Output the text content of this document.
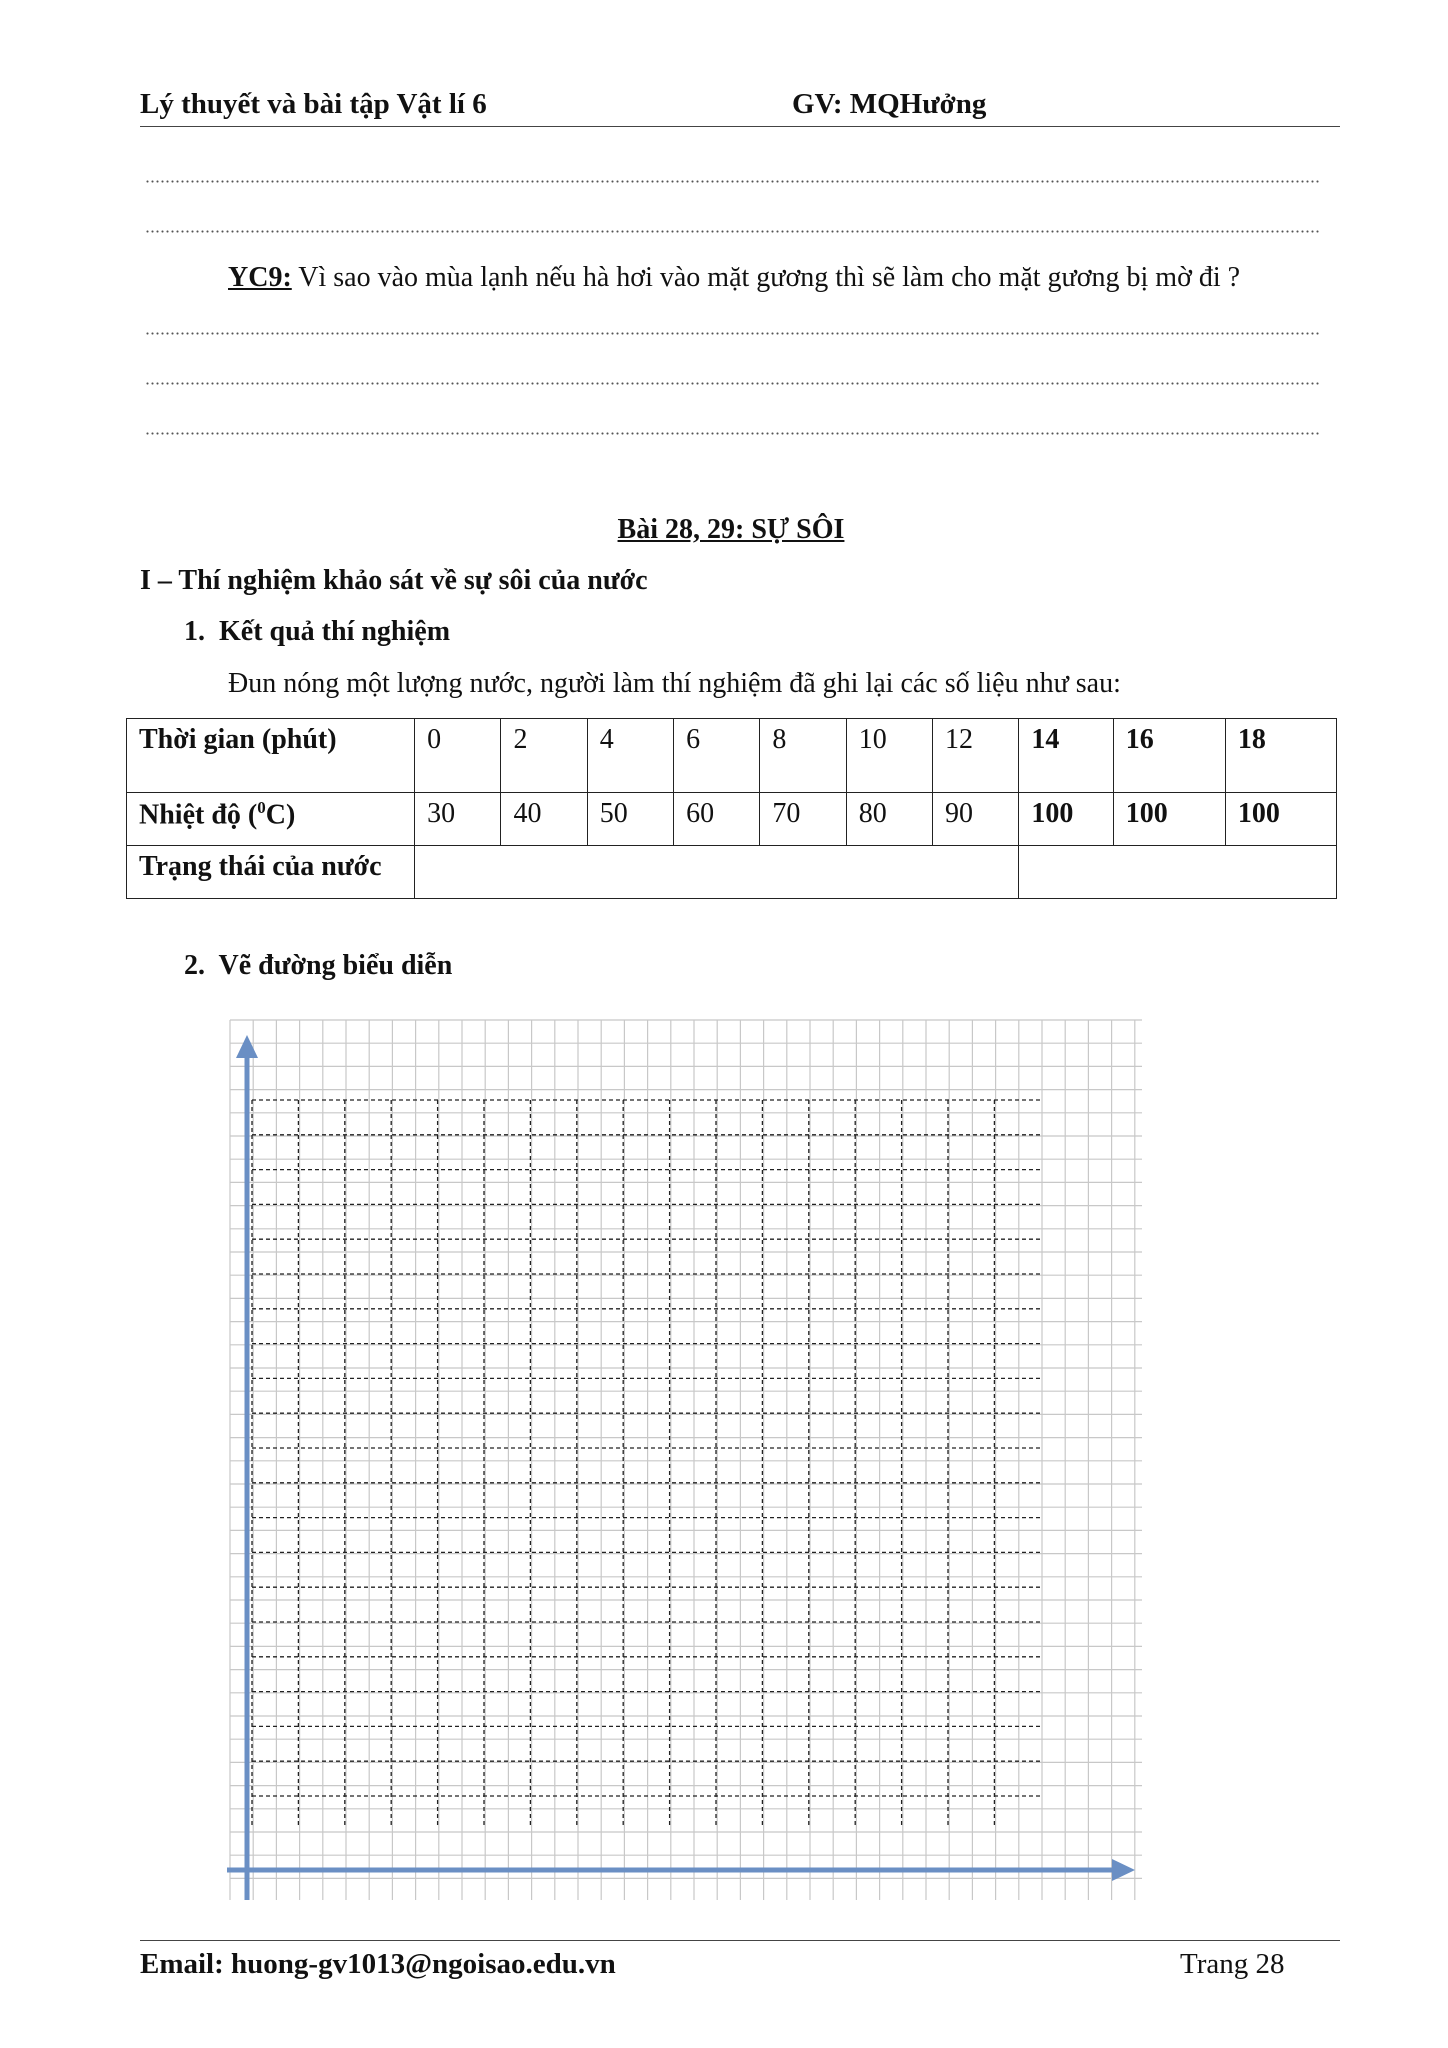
Lý thuyết và bài tập Vật lí 6	GV: MQHưởng
YC9: Vì sao vào mùa lạnh nếu hà hơi vào mặt gương thì sẽ làm cho mặt gương bị mờ đi ?
Bài 28, 29: SỰ SÔI
I – Thí nghiệm khảo sát về sự sôi của nước
1.  Kết quả thí nghiệm
Đun nóng một lượng nước, người làm thí nghiệm đã ghi lại các số liệu như sau:
Thời gian (phút)	0	2	4	6	8	10	12	14	16	18
Nhiệt độ ($^0$C)	30	40	50	60	70	80	90	100	100	100
Trạng thái của nước										
2.  Vẽ đường biểu diễn
Email: huong-gv1013@ngoisao.edu.vn	Trang 28
